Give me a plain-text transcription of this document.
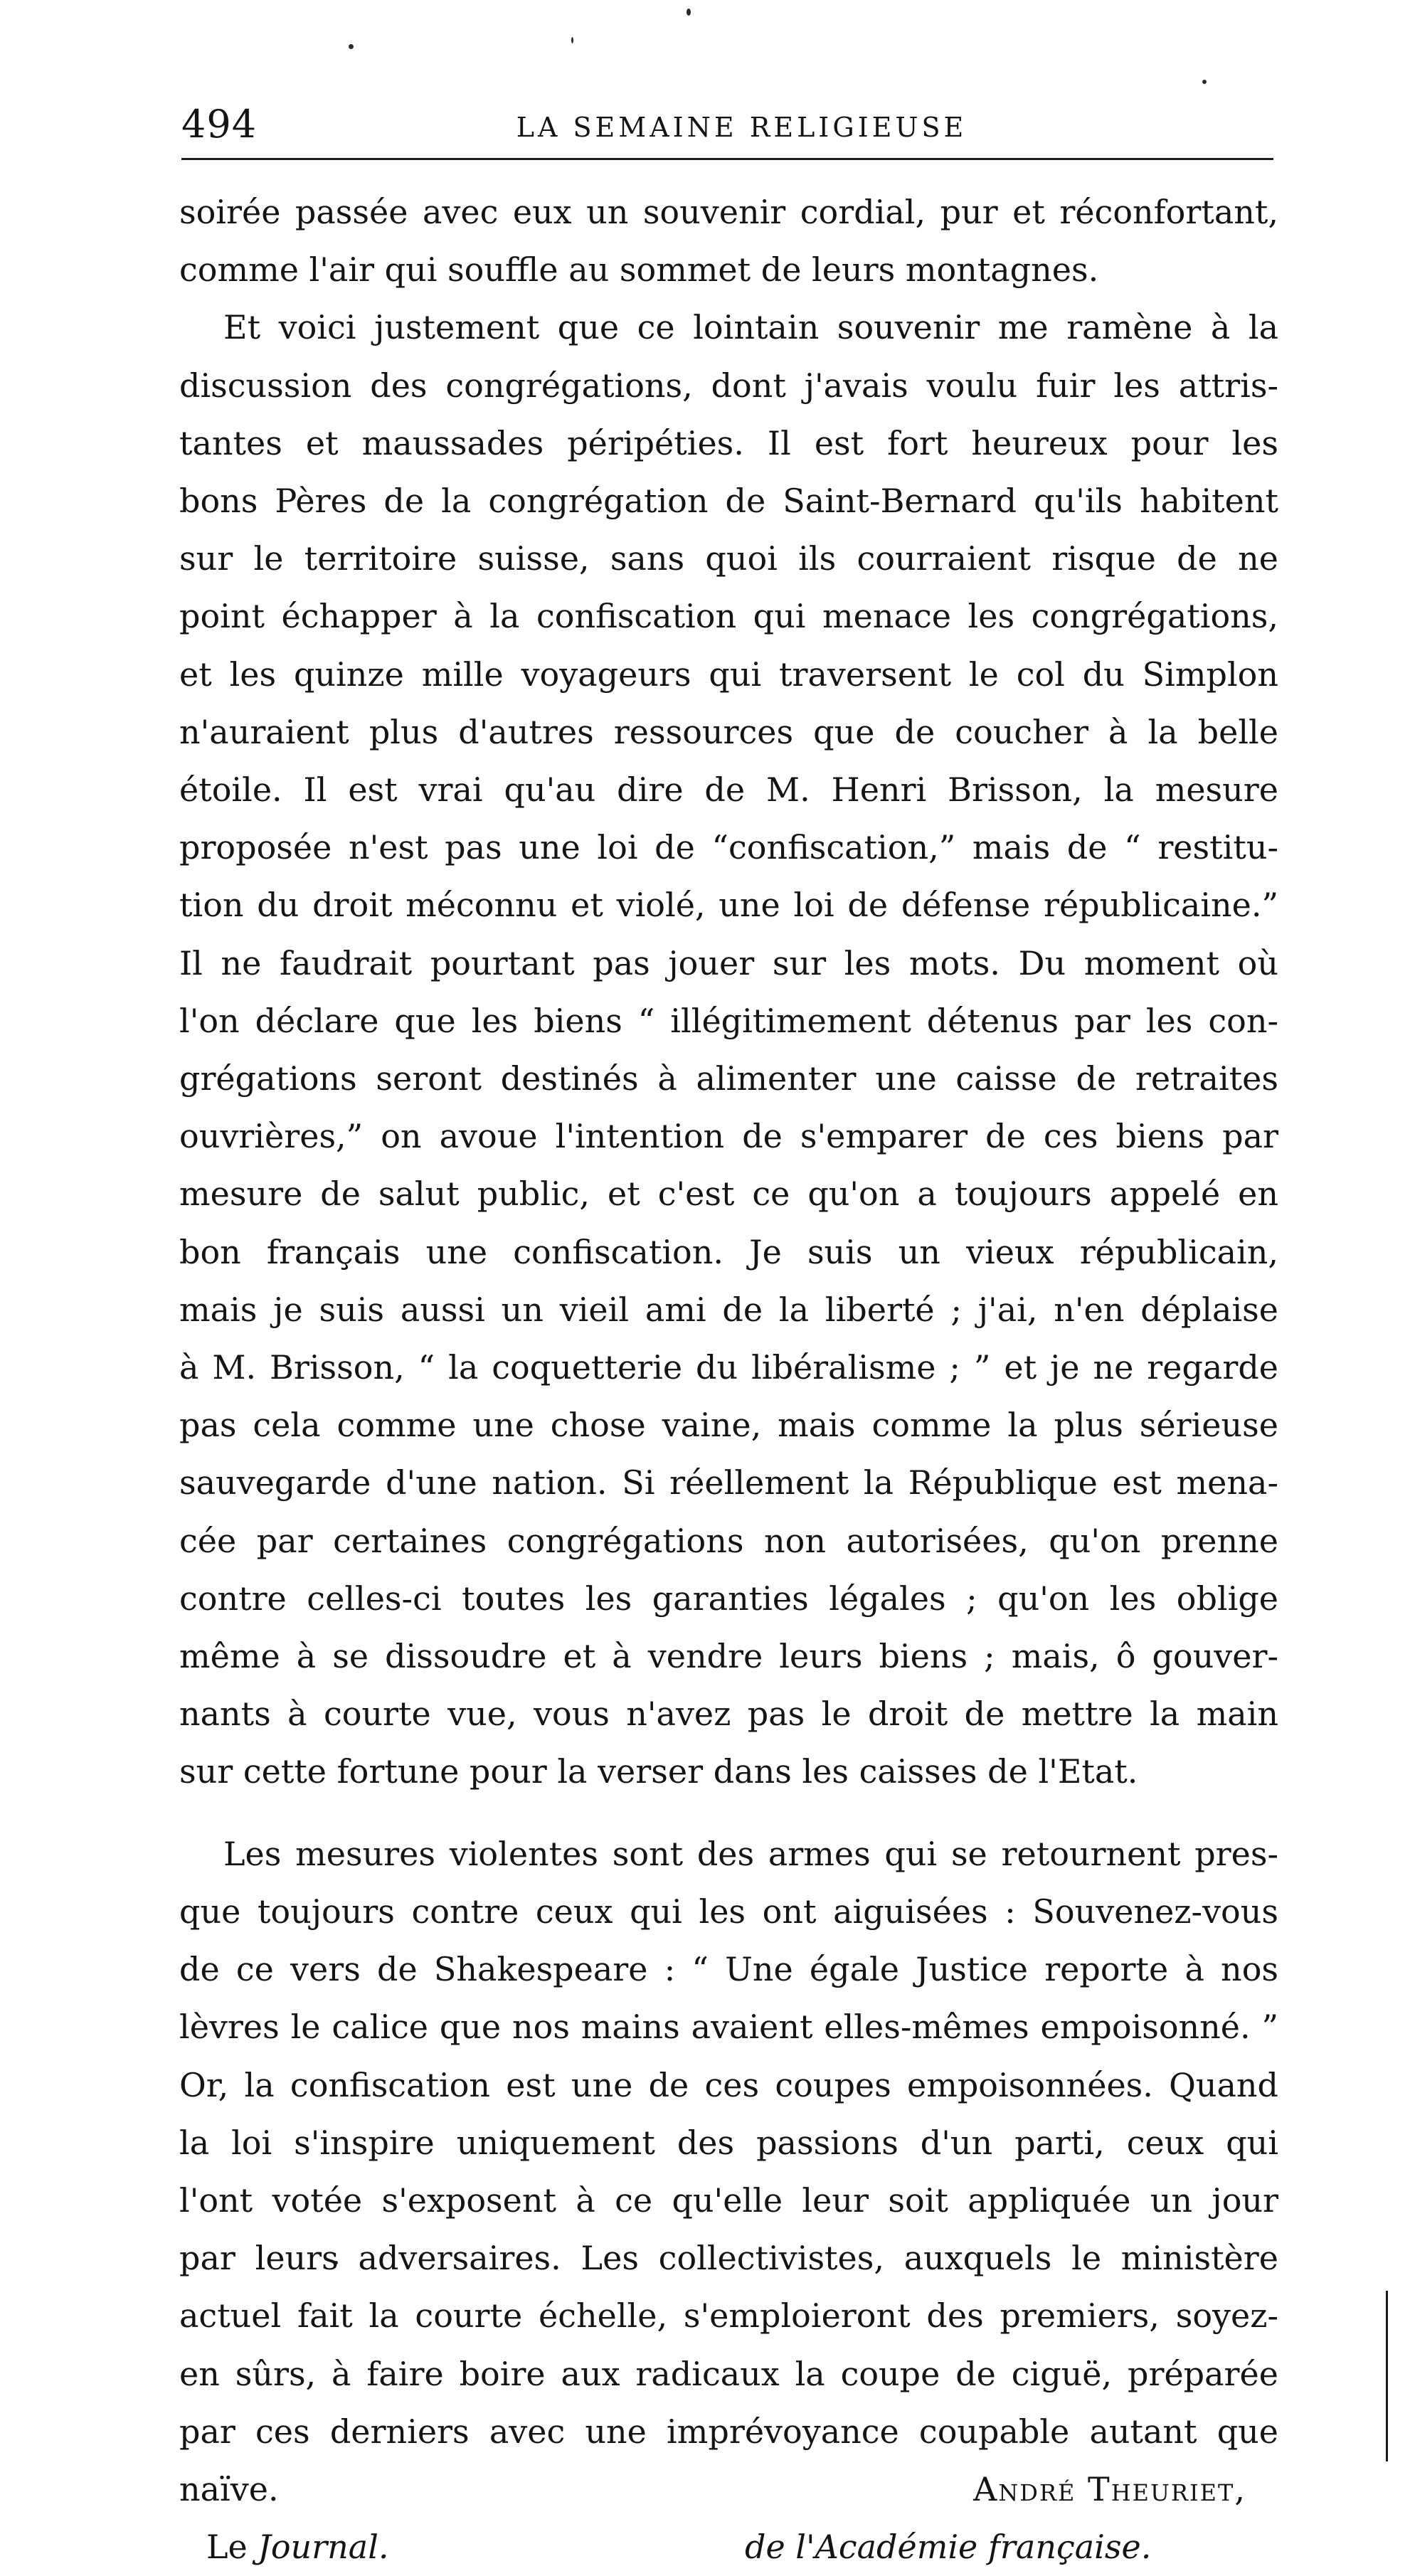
494	LA SEMAINE RELIGIEUSE

soirée passée avec eux un souvenir cordial, pur et réconfortant,
comme l'air qui souffle au sommet de leurs montagnes.

Et voici justement que ce lointain souvenir me ramène à la
discussion des congrégations, dont j'avais voulu fuir les attris-
tantes et maussades péripéties. Il est fort heureux pour les
bons Pères de la congrégation de Saint-Bernard qu'ils habitent
sur le territoire suisse, sans quoi ils courraient risque de ne
point échapper à la confiscation qui menace les congrégations,
et les quinze mille voyageurs qui traversent le col du Simplon
n'auraient plus d'autres ressources que de coucher à la belle
étoile. Il est vrai qu'au dire de M. Henri Brisson, la mesure
proposée n'est pas une loi de “confiscation,” mais de “ restitu-
tion du droit méconnu et violé, une loi de défense républicaine.”
Il ne faudrait pourtant pas jouer sur les mots. Du moment où
l'on déclare que les biens “ illégitimement détenus par les con-
grégations seront destinés à alimenter une caisse de retraites
ouvrières,” on avoue l'intention de s'emparer de ces biens par
mesure de salut public, et c'est ce qu'on a toujours appelé en
bon français une confiscation. Je suis un vieux républicain,
mais je suis aussi un vieil ami de la liberté ; j'ai, n'en déplaise
à M. Brisson, “ la coquetterie du libéralisme ; ” et je ne regarde
pas cela comme une chose vaine, mais comme la plus sérieuse
sauvegarde d'une nation. Si réellement la République est mena-
cée par certaines congrégations non autorisées, qu'on prenne
contre celles-ci toutes les garanties légales ; qu'on les oblige
même à se dissoudre et à vendre leurs biens ; mais, ô gouver-
nants à courte vue, vous n'avez pas le droit de mettre la main
sur cette fortune pour la verser dans les caisses de l'Etat.

Les mesures violentes sont des armes qui se retournent pres-
que toujours contre ceux qui les ont aiguisées : Souvenez-vous
de ce vers de Shakespeare : “ Une égale Justice reporte à nos
lèvres le calice que nos mains avaient elles-mêmes empoisonné. ”
Or, la confiscation est une de ces coupes empoisonnées. Quand
la loi s'inspire uniquement des passions d'un parti, ceux qui
l'ont votée s'exposent à ce qu'elle leur soit appliquée un jour
par leurs adversaires. Les collectivistes, auxquels le ministère
actuel fait la courte échelle, s'emploieront des premiers, soyez-
en sûrs, à faire boire aux radicaux la coupe de ciguë, préparée
par ces derniers avec une imprévoyance coupable autant que

naïve.	André Theuriet,
Le Journal.	de l'Académie française.
